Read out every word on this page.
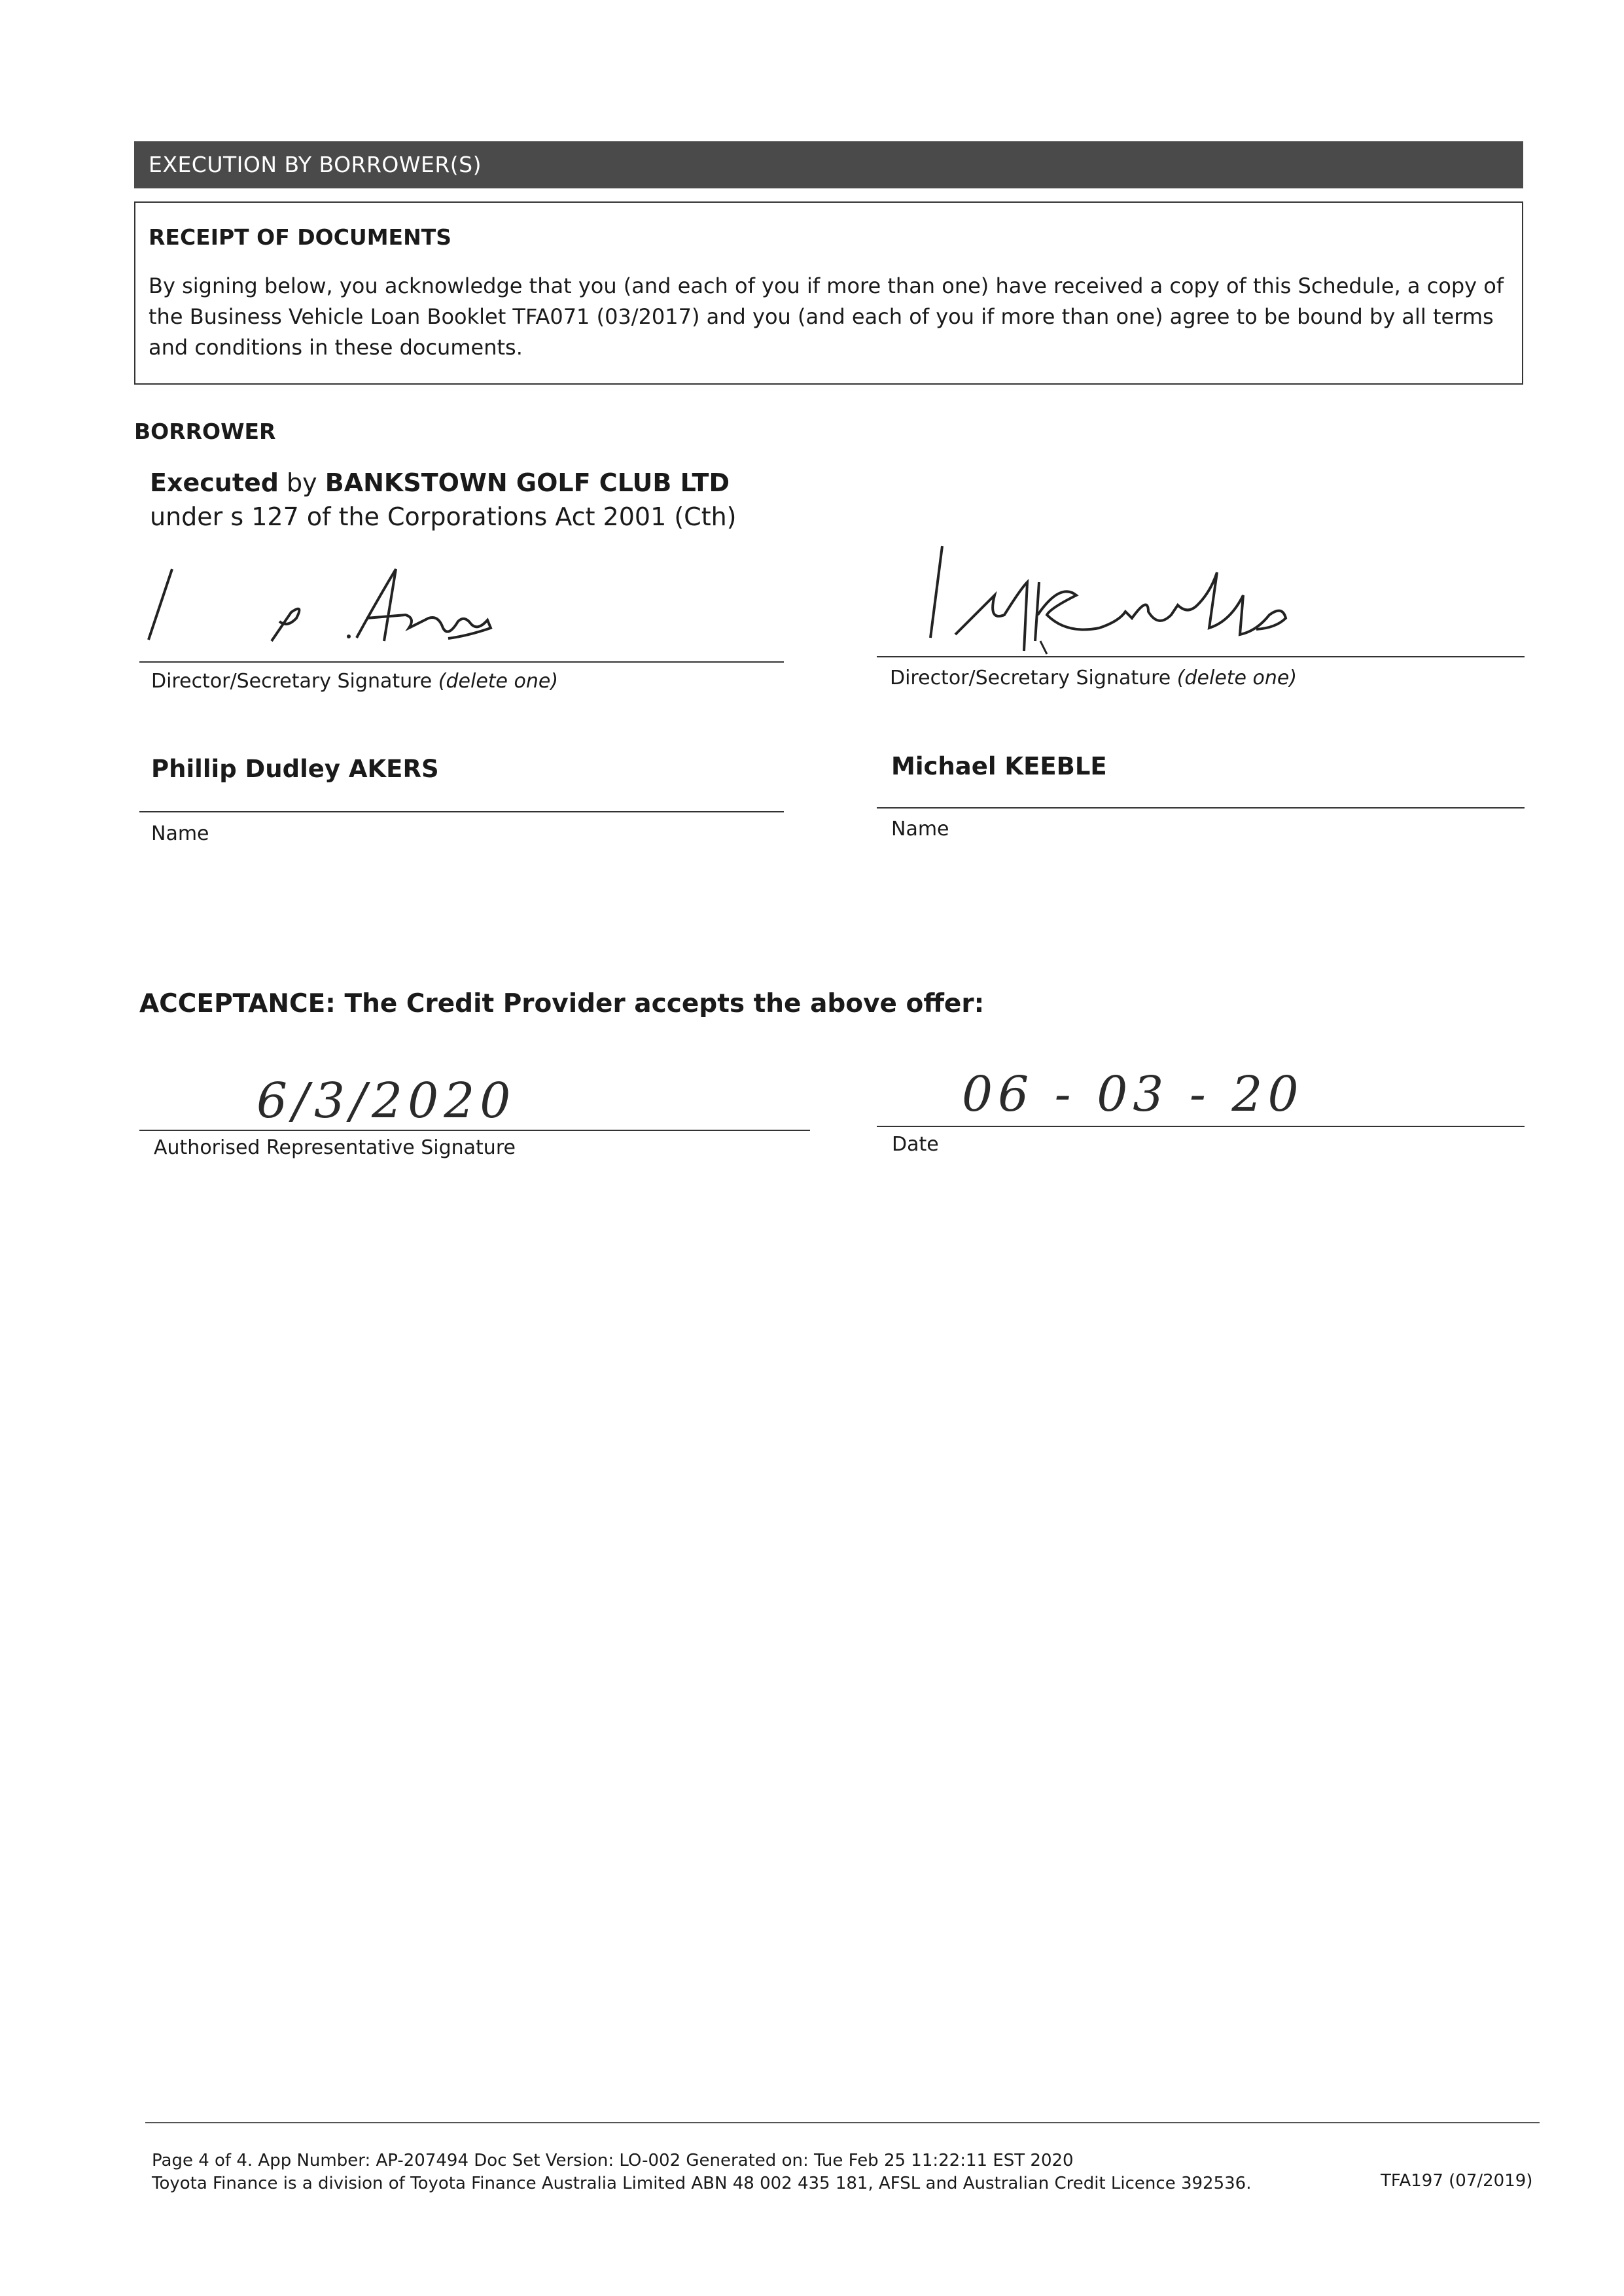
EXECUTION BY BORROWER(S)
RECEIPT OF DOCUMENTS
By signing below, you acknowledge that you (and each of you if more than one) have received a copy of this Schedule, a copy of the Business Vehicle Loan Booklet TFA071 (03/2017) and you (and each of you if more than one) agree to be bound by all terms and conditions in these documents.
BORROWER
Executed by BANKSTOWN GOLF CLUB LTD under s 127 of the Corporations Act 2001 (Cth)
Director/Secretary Signature (delete one)	Director/Secretary Signature (delete one)
Phillip Dudley AKERS
Name
Michael KEEBLE
Name
ACCEPTANCE: The Credit Provider accepts the above offer:
6/3/2020
Authorised Representative Signature
06 - 03 - 20
Date
Page 4 of 4. App Number: AP-207494 Doc Set Version: LO-002 Generated on: Tue Feb 25 11:22:11 EST 2020
Toyota Finance is a division of Toyota Finance Australia Limited ABN 48 002 435 181, AFSL and Australian Credit Licence 392536.	TFA197 (07/2019)
